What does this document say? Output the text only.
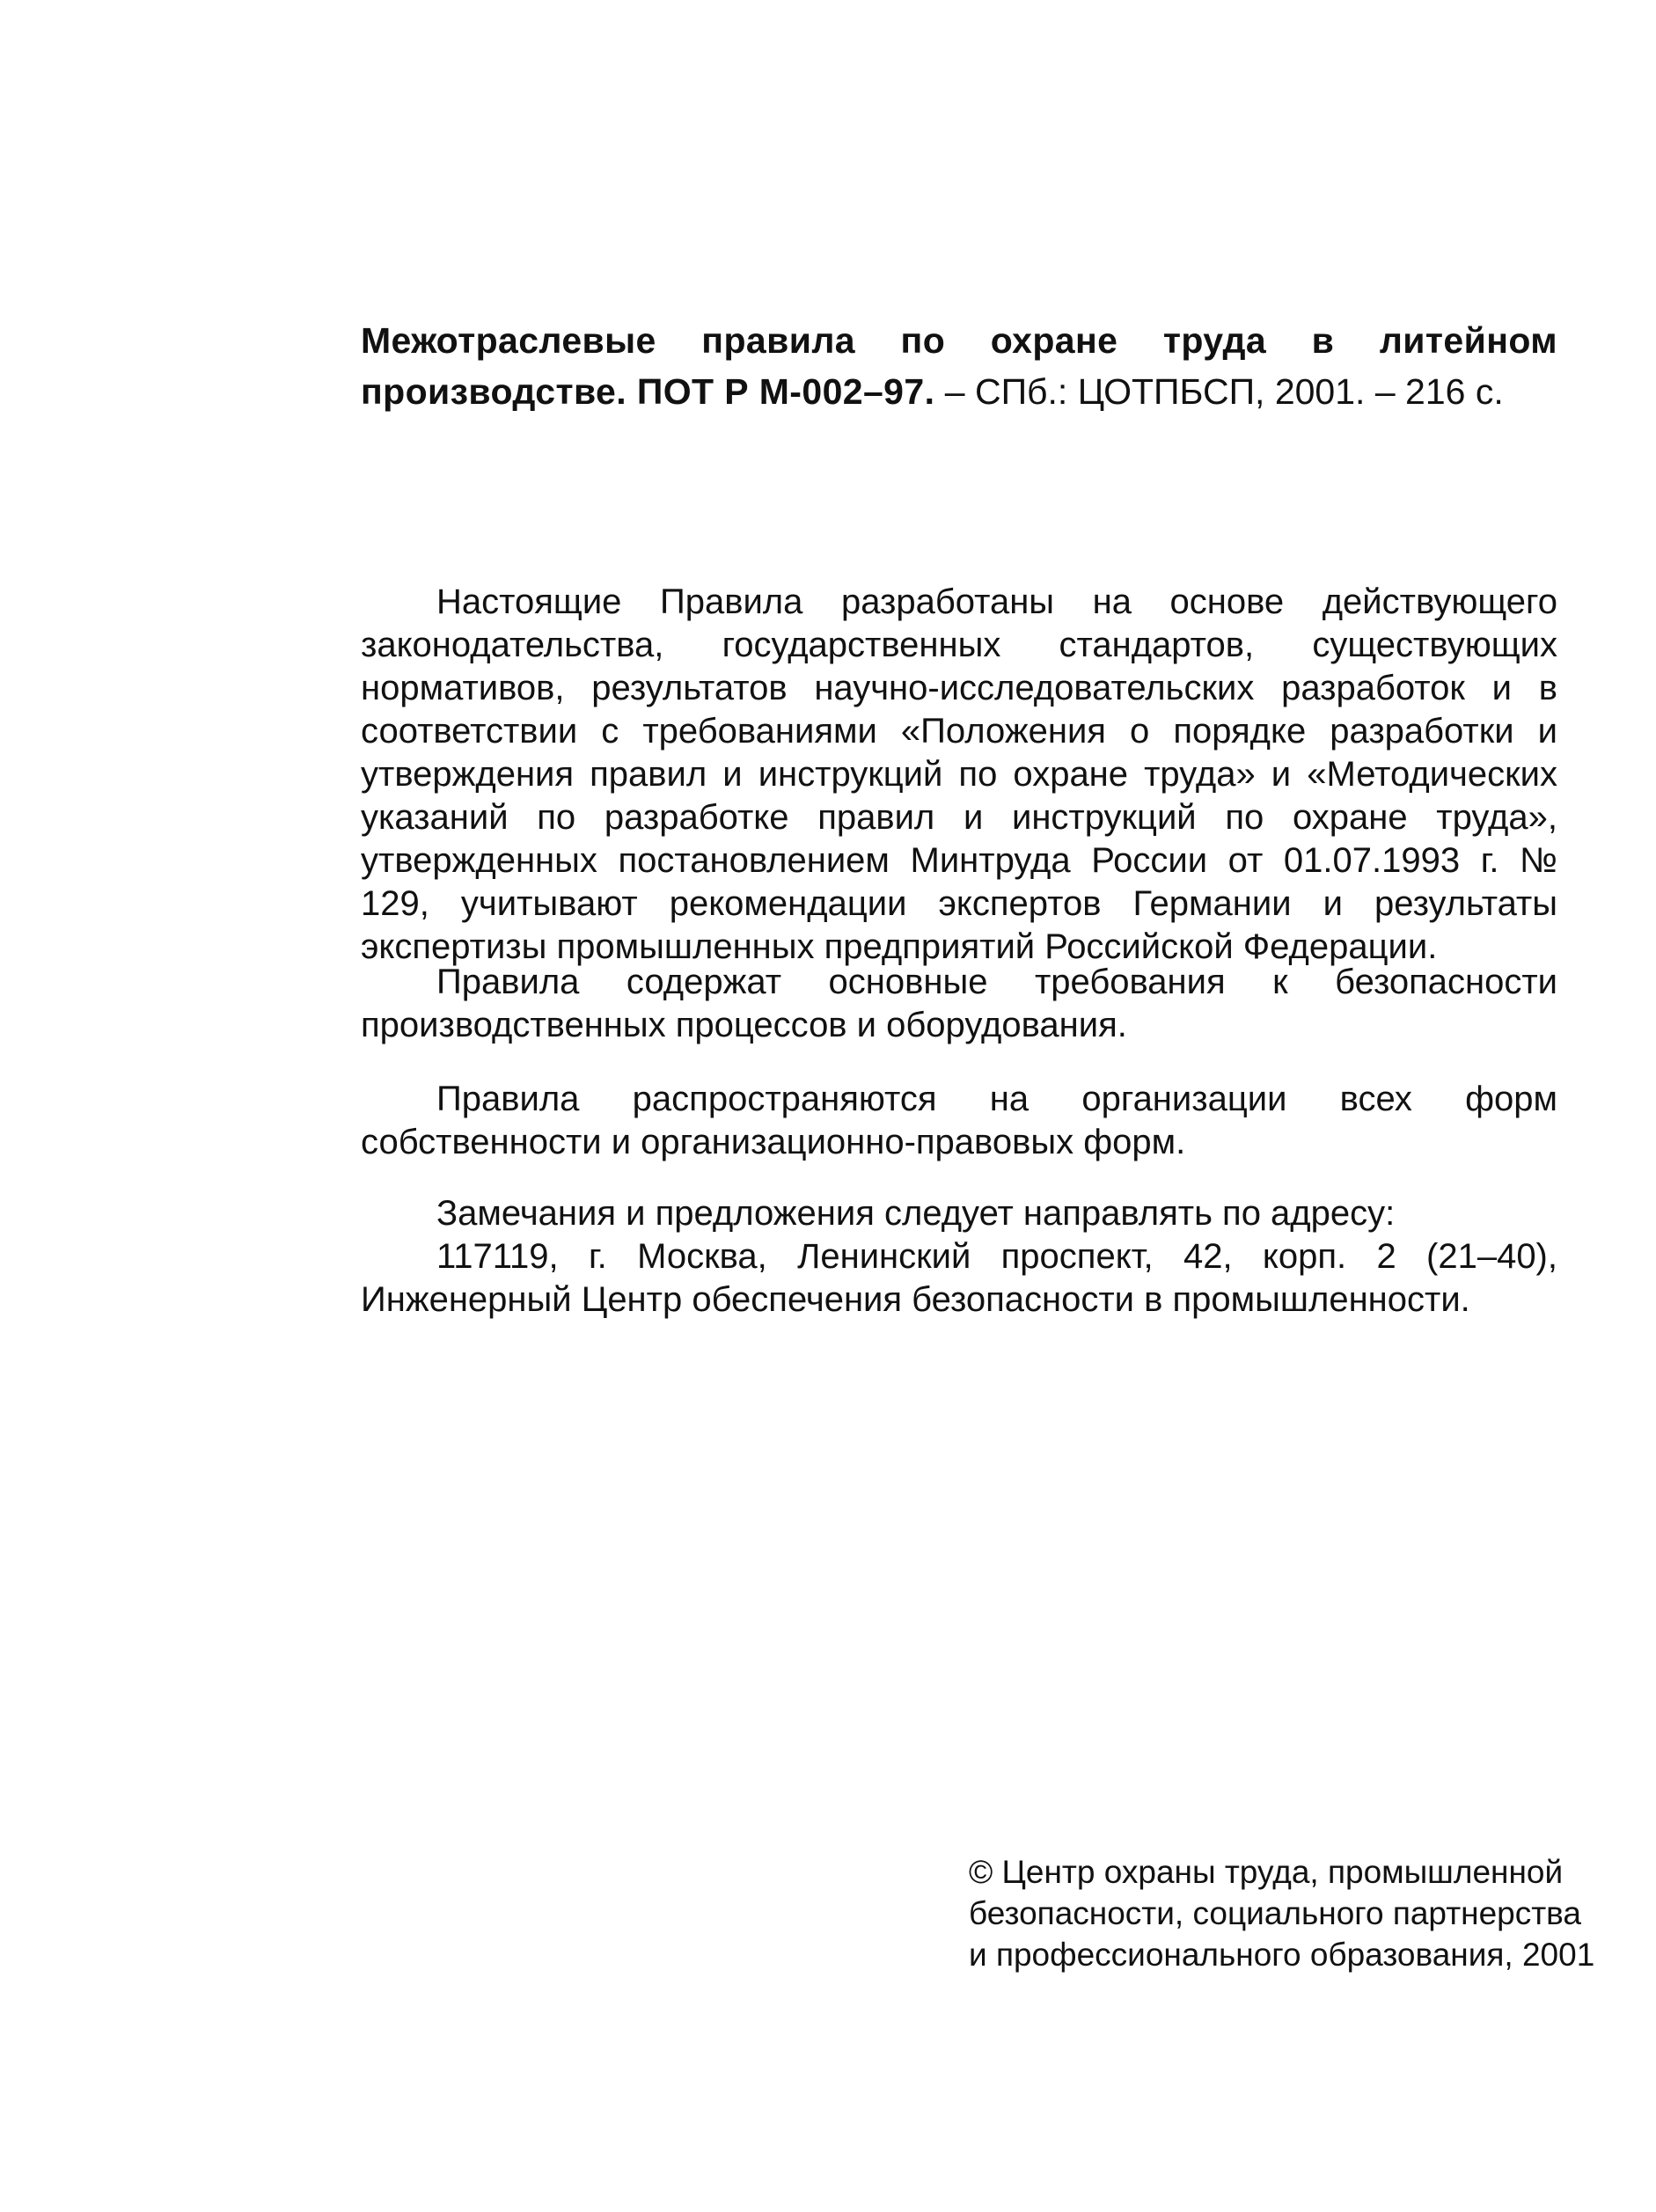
Межотраслевые правила по охране труда в литейном производстве. ПОТ Р М-002–97. – СПб.: ЦОТПБСП, 2001. – 216 с.

Настоящие Правила разработаны на основе действующего законодательства, государственных стандартов, существующих нормативов, результатов научно-исследовательских разработок и в соответствии с требованиями «Положения о порядке разработки и утверждения правил и инструкций по охране труда» и «Методических указаний по разработке правил и инструкций по охране труда», утвержденных постановлением Минтруда России от 01.07.1993 г. № 129, учитывают рекомендации экспертов Германии и результаты экспертизы промышленных предприятий Российской Федерации.

Правила содержат основные требования к безопасности производственных процессов и оборудования.

Правила распространяются на организации всех форм собственности и организационно-правовых форм.

Замечания и предложения следует направлять по адресу:
117119, г. Москва, Ленинский проспект, 42, корп. 2 (21–40), Инженерный Центр обеспечения безопасности в промышленности.
© Центр охраны труда, промышленной
безопасности, социального партнерства
и профессионального образования, 2001
